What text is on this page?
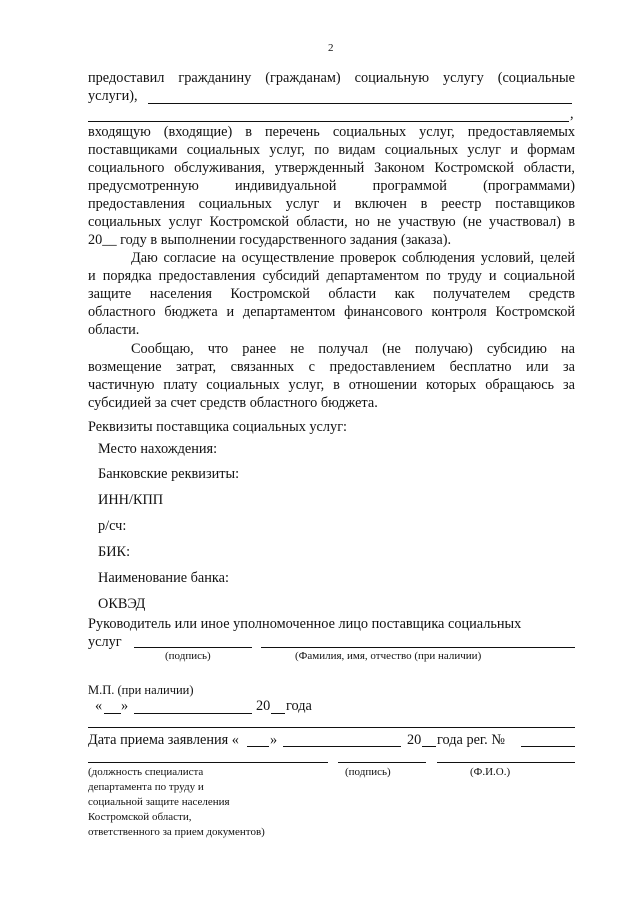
2
предоставил гражданину (гражданам) социальную услугу (социальные
услуги),
,
входящую (входящие) в перечень социальных услуг, предоставляемых
поставщиками социальных услуг, по видам социальных услуг и формам
социального обслуживания, утвержденный Законом Костромской области,
предусмотренную	индивидуальной	программой	(программами)
предоставления социальных услуг и включен в реестр поставщиков
социальных услуг Костромской области, но не участвую (не участвовал) в
20__ году в выполнении государственного задания (заказа).
Даю согласие на осуществление проверок соблюдения условий, целей
и порядка предоставления субсидий департаментом по труду и социальной
защите населения Костромской области как получателем средств
областного бюджета и департаментом финансового контроля Костромской
области.
Сообщаю, что ранее не получал (не получаю) субсидию на
возмещение затрат, связанных с предоставлением бесплатно или за
частичную плату социальных услуг, в отношении которых обращаюсь за
субсидией за счет средств областного бюджета.
Реквизиты поставщика социальных услуг:
Место нахождения:
Банковские реквизиты:
ИНН/КПП
р/сч:
БИК:
Наименование банка:
ОКВЭД
Руководитель или иное уполномоченное лицо поставщика социальных
услуг
(подпись)	(Фамилия, имя, отчество (при наличии)
М.П. (при наличии)
« »	20 года
Дата приема заявления « »	20 года рег. №
(должность специалиста
департамента по труду и
социальной защите населения
Костромской области,
ответственного за прием документов)
(подпись)	(Ф.И.О.)
